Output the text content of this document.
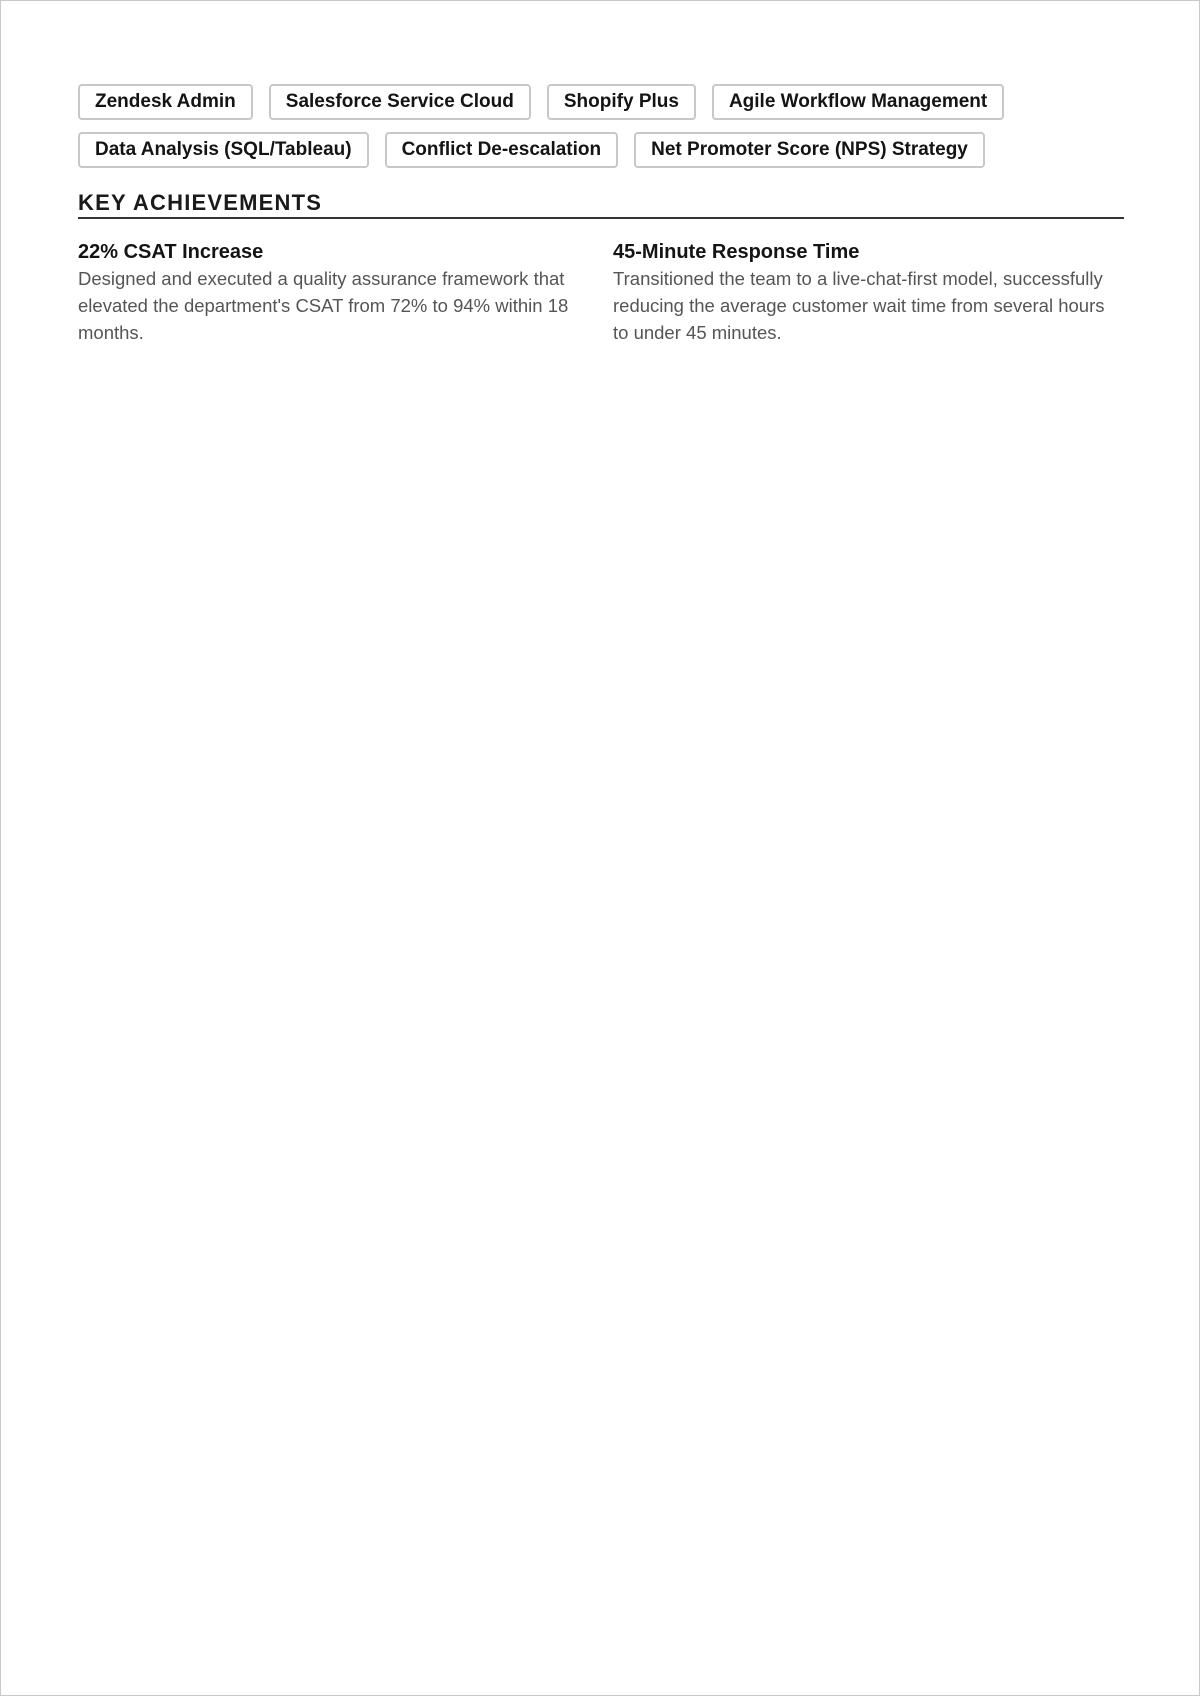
Zendesk Admin	Salesforce Service Cloud	Shopify Plus	Agile Workflow Management
Data Analysis (SQL/Tableau)	Conflict De-escalation	Net Promoter Score (NPS) Strategy
KEY ACHIEVEMENTS
22% CSAT Increase
Designed and executed a quality assurance framework that elevated the department's CSAT from 72% to 94% within 18 months.
45-Minute Response Time
Transitioned the team to a live-chat-first model, successfully reducing the average customer wait time from several hours to under 45 minutes.
